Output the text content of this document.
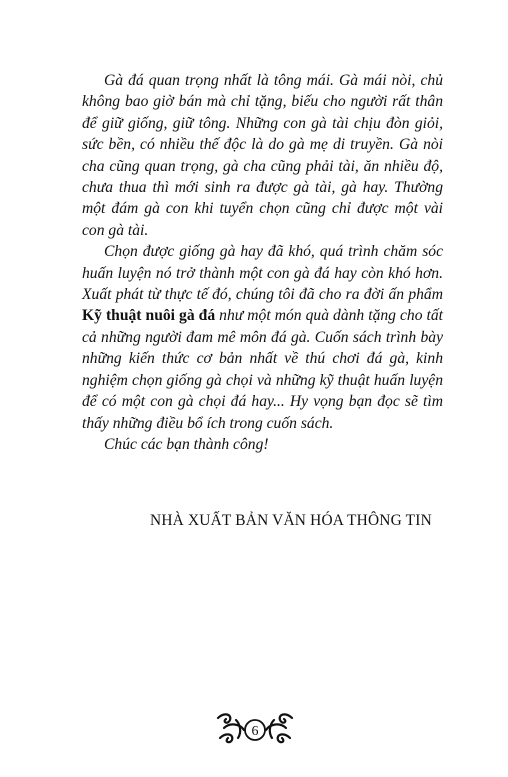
Gà đá quan trọng nhất là tông mái. Gà mái nòi, chủ không bao giờ bán mà chỉ tặng, biếu cho người rất thân để giữ giống, giữ tông. Những con gà tài chịu đòn giỏi, sức bền, có nhiều thế độc là do gà mẹ di truyền. Gà nòi cha cũng quan trọng, gà cha cũng phải tài, ăn nhiều độ, chưa thua thì mới sinh ra được gà tài, gà hay. Thường một đám gà con khi tuyển chọn cũng chỉ được một vài con gà tài.

Chọn được giống gà hay đã khó, quá trình chăm sóc huấn luyện nó trở thành một con gà đá hay còn khó hơn. Xuất phát từ thực tế đó, chúng tôi đã cho ra đời ấn phẩm Kỹ thuật nuôi gà đá như một món quà dành tặng cho tất cả những người đam mê môn đá gà. Cuốn sách trình bày những kiến thức cơ bản nhất về thú chơi đá gà, kinh nghiệm chọn giống gà chọi và những kỹ thuật huấn luyện để có một con gà chọi đá hay... Hy vọng bạn đọc sẽ tìm thấy những điều bổ ích trong cuốn sách.

Chúc các bạn thành công!

NHÀ XUẤT BẢN VĂN HÓA THÔNG TIN
6
